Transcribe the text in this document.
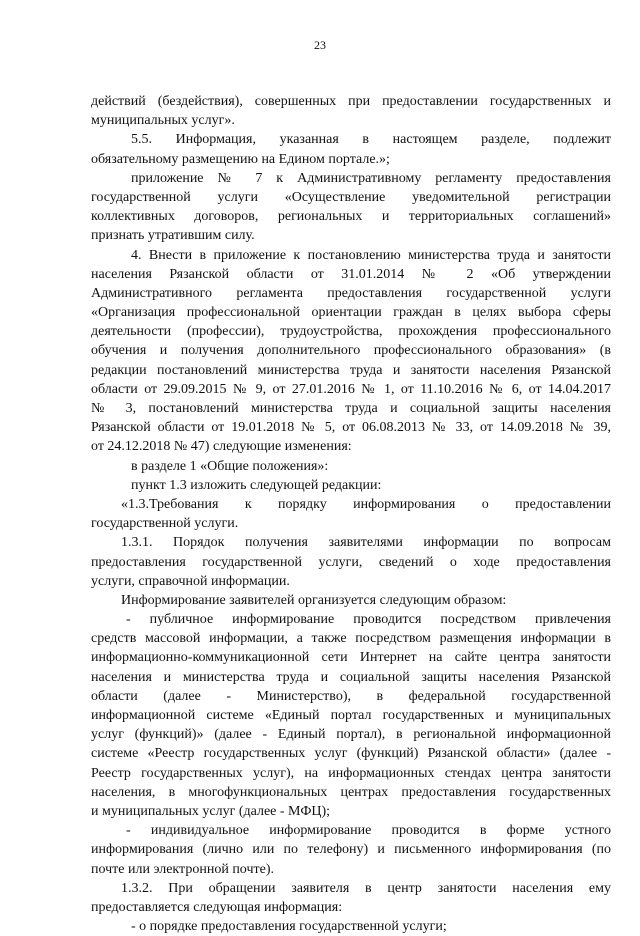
23
действий (бездействия), совершенных при предоставлении государственных и
муниципальных услуг».
5.5. Информация, указанная в настоящем разделе, подлежит
обязательному размещению на Едином портале.»;
приложение № 7 к Административному регламенту предоставления
государственной услуги «Осуществление уведомительной регистрации
коллективных договоров, региональных и территориальных соглашений»
признать утратившим силу.
4. Внести в приложение к постановлению министерства труда и занятости
населения Рязанской области от 31.01.2014 № 2 «Об утверждении
Административного регламента предоставления государственной услуги
«Организация профессиональной ориентации граждан в целях выбора сферы
деятельности (профессии), трудоустройства, прохождения профессионального
обучения и получения дополнительного профессионального образования» (в
редакции постановлений министерства труда и занятости населения Рязанской
области от 29.09.2015 № 9, от 27.01.2016 № 1, от 11.10.2016 № 6, от 14.04.2017
№ 3, постановлений министерства труда и социальной защиты населения
Рязанской области от 19.01.2018 № 5, от 06.08.2013 № 33, от 14.09.2018 № 39,
от 24.12.2018 № 47) следующие изменения:
в разделе 1 «Общие положения»:
пункт 1.3 изложить следующей редакции:
«1.3.Требования к порядку информирования о предоставлении
государственной услуги.
1.3.1. Порядок получения заявителями информации по вопросам
предоставления государственной услуги, сведений о ходе предоставления
услуги, справочной информации.
Информирование заявителей организуется следующим образом:
- публичное информирование проводится посредством привлечения
средств массовой информации, а также посредством размещения информации в
информационно-коммуникационной сети Интернет на сайте центра занятости
населения и министерства труда и социальной защиты населения Рязанской
области (далее - Министерство), в федеральной государственной
информационной системе «Единый портал государственных и муниципальных
услуг (функций)» (далее - Единый портал), в региональной информационной
системе «Реестр государственных услуг (функций) Рязанской области» (далее -
Реестр государственных услуг), на информационных стендах центра занятости
населения, в многофункциональных центрах предоставления государственных
и муниципальных услуг (далее - МФЦ);
- индивидуальное информирование проводится в форме устного
информирования (лично или по телефону) и письменного информирования (по
почте или электронной почте).
1.3.2. При обращении заявителя в центр занятости населения ему
предоставляется следующая информация:
- о порядке предоставления государственной услуги;
